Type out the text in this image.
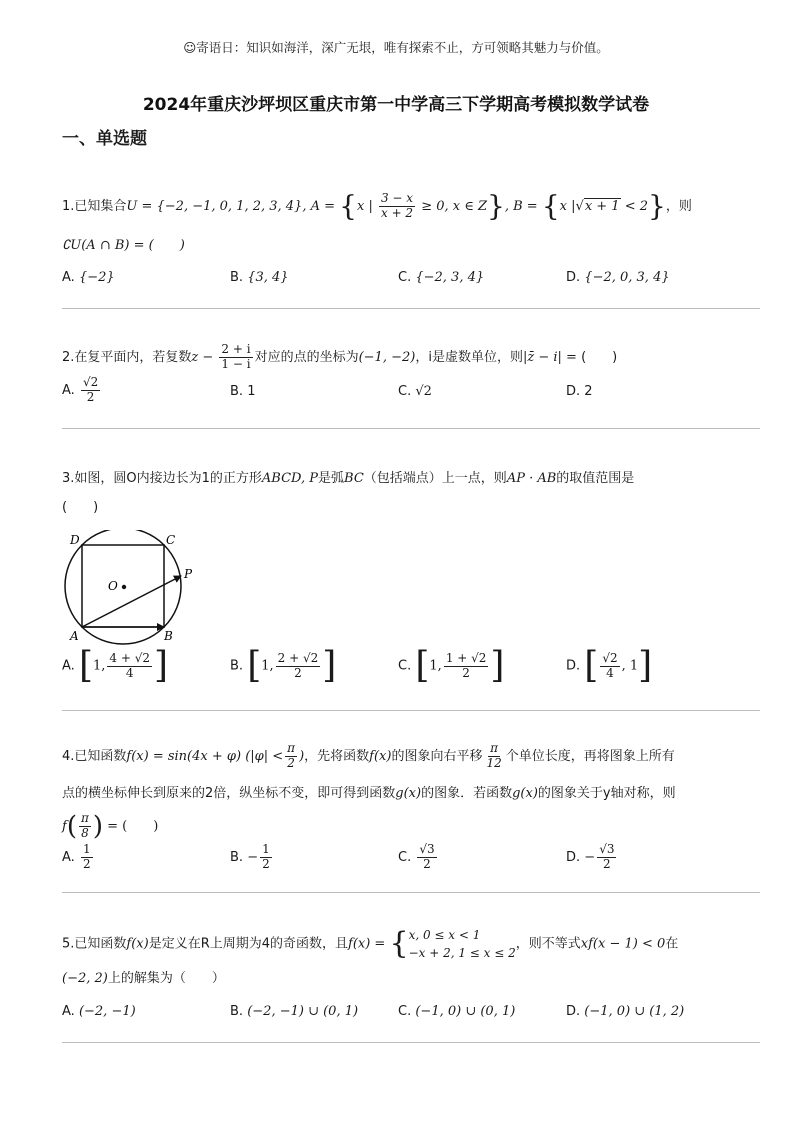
☺寄语日：知识如海洋，深广无垠，唯有探索不止，方可领略其魅力与价值。
2024年重庆沙坪坝区重庆市第一中学高三下学期高考模拟数学试卷
一、单选题
1.已知集合U = {−2, −1, 0, 1, 2, 3, 4}, A = {x | $\frac{3 - x}{x + 2} \ge 0$, x ∈ Z}, B = {x |√x + 1 < 2}，则
∁U(A ∩ B) = (　　)
A. {−2}	B. {3, 4}	C. {−2, 3, 4}	D. {−2, 0, 3, 4}
2.在复平面内，若复数$z - \frac{2 + i}{1 - i}$ 对应的点的坐标为(−1, −2)，i是虚数单位，则|z̄ − i| = (　　)
A. $\frac{√2}{2}$	B. 1	C. √2	D. 2
3.如图，圆O内接边长为1的正方形ABCD, P是弧BC（包括端点）上一点，则AP · AB的取值范围是
(　　)
D	C
O
P
A	B
A. [1, $\frac{4 + √2}{4}$ ]	B. [1, $\frac{2 + √2}{2}$ ]	C. [1, $\frac{1 + √2}{2}$ ]	D. [ $\frac{√2}{4}$ , 1]
4.已知函数f(x) = sin(4x + φ) ($|\varphi| < \frac{\pi}{2}$ )，先将函数f(x)的图象向右平移 $\frac{\pi}{12}$ 个单位长度，再将图象上所有
点的横坐标伸长到原来的2倍，纵坐标不变，即可得到函数g(x)的图象．若函数g(x)的图象关于y轴对称，则
$f( \frac{\pi}{8}$ ) = (　　)
A. $\frac{1}{2}$	B. − $\frac{1}{2}$	C. $\frac{√3}{2}$	D. − $\frac{√3}{2}$
5.已知函数f(x)是定义在R上周期为4的奇函数，且f(x) = { x, 0 ≤ x < 1
−x + 2, 1 ≤ x ≤ 2
，则不等式xf(x − 1) < 0在
(−2, 2)上的解集为（　　）
A. (−2, −1)	B. (−2, −1) ∪ (0, 1)	C. (−1, 0) ∪ (0, 1)	D. (−1, 0) ∪ (1, 2)
